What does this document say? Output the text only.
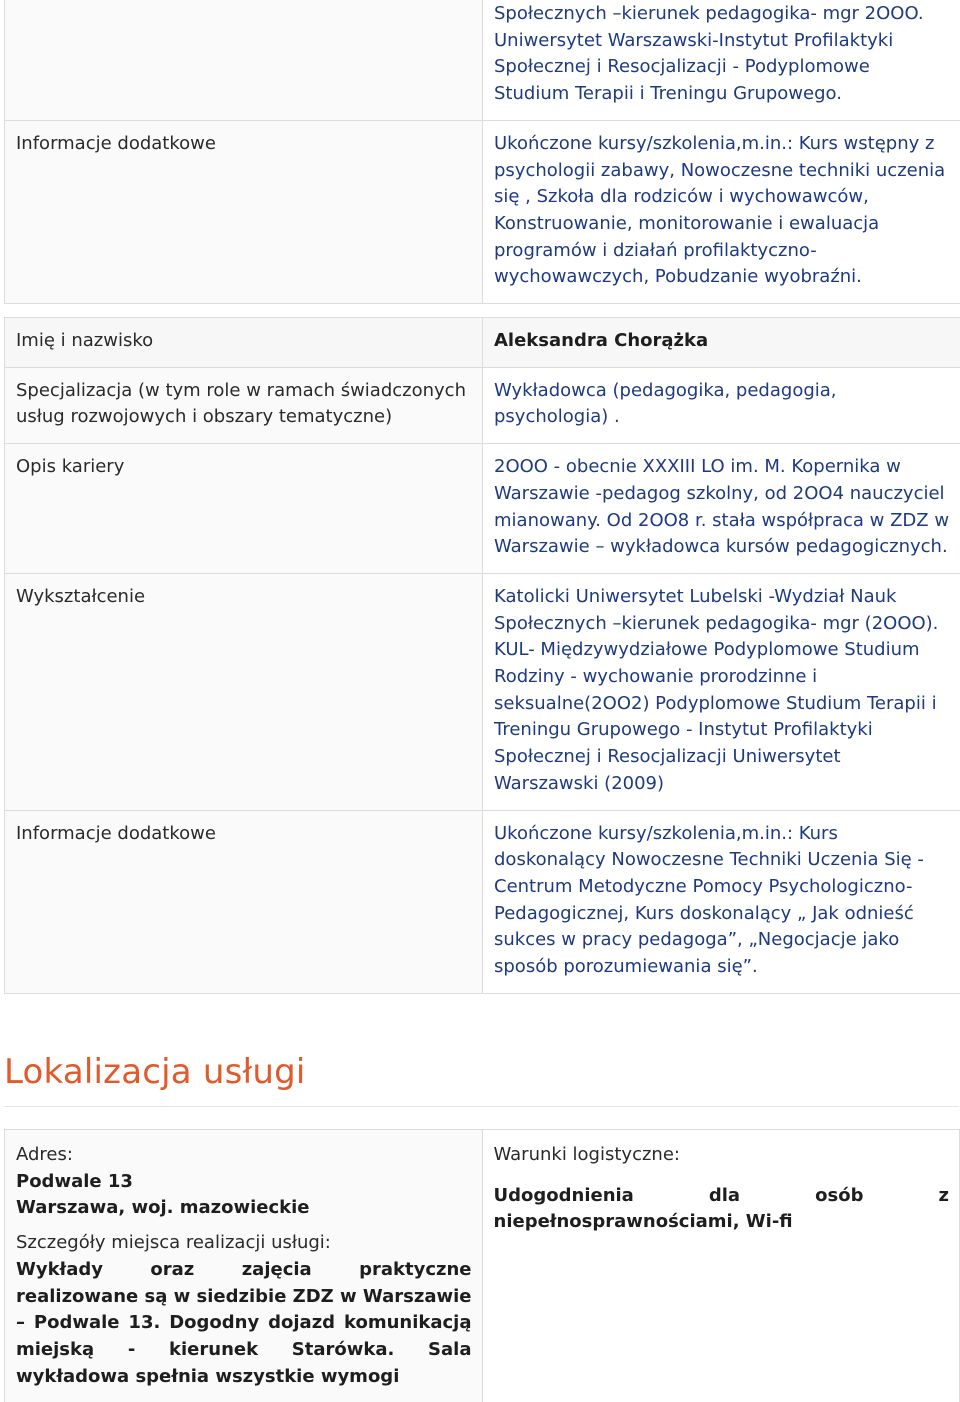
	Społecznych –kierunek pedagogika- mgr 2OOO. Uniwersytet Warszawski-Instytut Profilaktyki Społecznej i Resocjalizacji - Podyplomowe Studium Terapii i Treningu Grupowego.
Informacje dodatkowe	Ukończone kursy/szkolenia,m.in.: Kurs wstępny z psychologii zabawy, Nowoczesne techniki uczenia się , Szkoła dla rodziców i wychowawców, Konstruowanie, monitorowanie i ewaluacja programów i działań profilaktyczno-wychowawczych, Pobudzanie wyobraźni.
Imię i nazwisko	Aleksandra Chorążka
Specjalizacja (w tym role w ramach świadczonych usług rozwojowych i obszary tematyczne)	Wykładowca (pedagogika, pedagogia, psychologia) .
Opis kariery	2OOO - obecnie XXXIII LO im. M. Kopernika w Warszawie -pedagog szkolny, od 2OO4 nauczyciel mianowany. Od 2OO8 r. stała współpraca w ZDZ w Warszawie – wykładowca kursów pedagogicznych.
Wykształcenie	Katolicki Uniwersytet Lubelski -Wydział Nauk Społecznych –kierunek pedagogika- mgr (2OOO). KUL- Międzywydziałowe Podyplomowe Studium Rodziny - wychowanie prorodzinne i seksualne(2OO2) Podyplomowe Studium Terapii i Treningu Grupowego - Instytut Profilaktyki Społecznej i Resocjalizacji Uniwersytet Warszawski (2009)
Informacje dodatkowe	Ukończone kursy/szkolenia,m.in.: Kurs doskonalący Nowoczesne Techniki Uczenia Się - Centrum Metodyczne Pomocy Psychologiczno-Pedagogicznej, Kurs doskonalący „ Jak odnieść sukces w pracy pedagoga”, „Negocjacje jako sposób porozumiewania się”.
Lokalizacja usługi
Adres:
Podwale 13
Warszawa, woj. mazowieckie
Szczegóły miejsca realizacji usługi:
Wykłady oraz zajęcia praktyczne realizowane są w siedzibie ZDZ w Warszawie – Podwale 13. Dogodny dojazd komunikacją miejską - kierunek Starówka. Sala wykładowa spełnia wszystkie wymogi
Warunki logistyczne:
Udogodnienia dla osób z niepełnosprawnościami, Wi-fi
